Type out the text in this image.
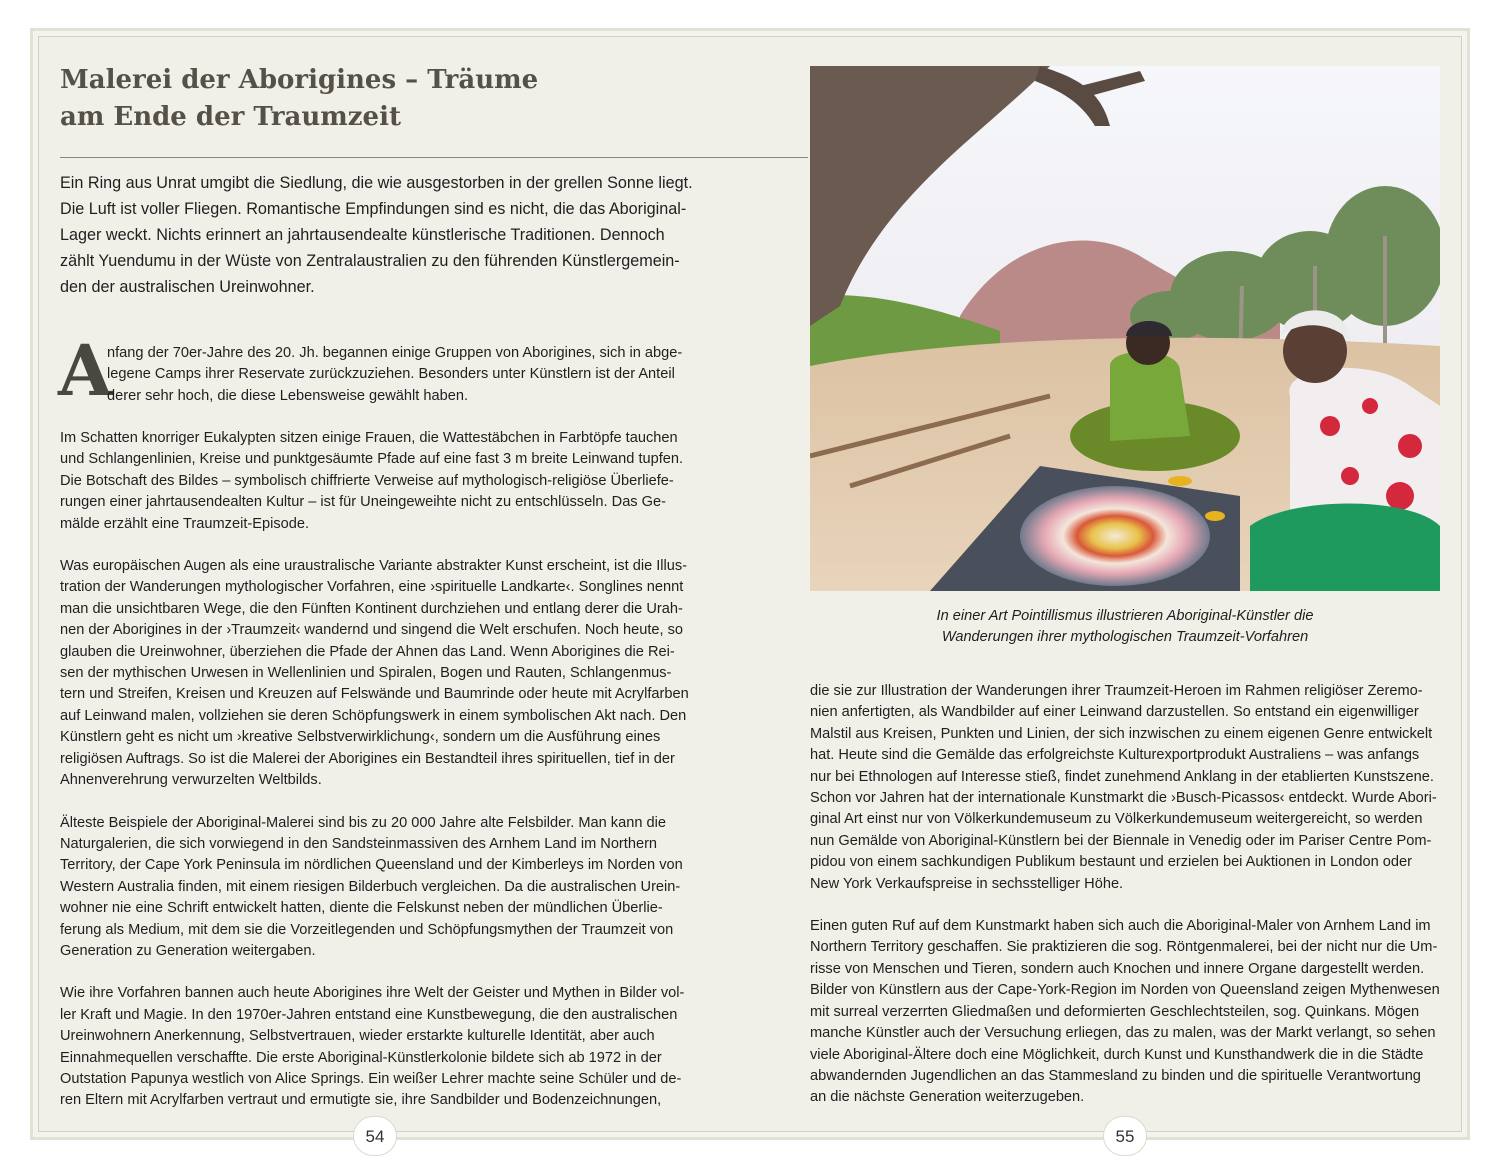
Malerei der Aborigines – Träume
am Ende der Traumzeit
Ein Ring aus Unrat umgibt die Siedlung, die wie ausgestorben in der grellen Sonne liegt.
Die Luft ist voller Fliegen. Romantische Empfindungen sind es nicht, die das Aboriginal-
Lager weckt. Nichts erinnert an jahrtausendealte künstlerische Traditionen. Dennoch
zählt Yuendumu in der Wüste von Zentralaustralien zu den führenden Künstlergemein-
den der australischen Ureinwohner.
A
nfang der 70er-Jahre des 20. Jh. begannen einige Gruppen von Aborigines, sich in abge-
legene Camps ihrer Reservate zurückzuziehen. Besonders unter Künstlern ist der Anteil
derer sehr hoch, die diese Lebensweise gewählt haben.
Im Schatten knorriger Eukalypten sitzen einige Frauen, die Wattestäbchen in Farbtöpfe tauchen
und Schlangenlinien, Kreise und punktgesäumte Pfade auf eine fast 3 m breite Leinwand tupfen.
Die Botschaft des Bildes – symbolisch chiffrierte Verweise auf mythologisch-religiöse Überliefe-
rungen einer jahrtausendealten Kultur – ist für Uneingeweihte nicht zu entschlüsseln. Das Ge-
mälde erzählt eine Traumzeit-Episode.
Was europäischen Augen als eine uraustralische Variante abstrakter Kunst erscheint, ist die Illus-
tration der Wanderungen mythologischer Vorfahren, eine ›spirituelle Landkarte‹. Songlines nennt
man die unsichtbaren Wege, die den Fünften Kontinent durchziehen und entlang derer die Urah-
nen der Aborigines in der ›Traumzeit‹ wandernd und singend die Welt erschufen. Noch heute, so
glauben die Ureinwohner, überziehen die Pfade der Ahnen das Land. Wenn Aborigines die Rei-
sen der mythischen Urwesen in Wellenlinien und Spiralen, Bogen und Rauten, Schlangenmus-
tern und Streifen, Kreisen und Kreuzen auf Felswände und Baumrinde oder heute mit Acrylfarben
auf Leinwand malen, vollziehen sie deren Schöpfungswerk in einem symbolischen Akt nach. Den
Künstlern geht es nicht um ›kreative Selbstverwirklichung‹, sondern um die Ausführung eines
religiösen Auftrags. So ist die Malerei der Aborigines ein Bestandteil ihres spirituellen, tief in der
Ahnenverehrung verwurzelten Weltbilds.
Älteste Beispiele der Aboriginal-Malerei sind bis zu 20 000 Jahre alte Felsbilder. Man kann die
Naturgalerien, die sich vorwiegend in den Sandsteinmassiven des Arnhem Land im Northern
Territory, der Cape York Peninsula im nördlichen Queensland und der Kimberleys im Norden von
Western Australia finden, mit einem riesigen Bilderbuch vergleichen. Da die australischen Urein-
wohner nie eine Schrift entwickelt hatten, diente die Felskunst neben der mündlichen Überlie-
ferung als Medium, mit dem sie die Vorzeitlegenden und Schöpfungsmythen der Traumzeit von
Generation zu Generation weitergaben.
Wie ihre Vorfahren bannen auch heute Aborigines ihre Welt der Geister und Mythen in Bilder vol-
ler Kraft und Magie. In den 1970er-Jahren entstand eine Kunstbewegung, die den australischen
Ureinwohnern Anerkennung, Selbstvertrauen, wieder erstarkte kulturelle Identität, aber auch
Einnahmequellen verschaffte. Die erste Aboriginal-Künstlerkolonie bildete sich ab 1972 in der
Outstation Papunya westlich von Alice Springs. Ein weißer Lehrer machte seine Schüler und de-
ren Eltern mit Acrylfarben vertraut und ermutigte sie, ihre Sandbilder und Bodenzeichnungen,
In einer Art Pointillismus illustrieren Aboriginal-Künstler die
Wanderungen ihrer mythologischen Traumzeit-Vorfahren
die sie zur Illustration der Wanderungen ihrer Traumzeit-Heroen im Rahmen religiöser Zeremo-
nien anfertigten, als Wandbilder auf einer Leinwand darzustellen. So entstand ein eigenwilliger
Malstil aus Kreisen, Punkten und Linien, der sich inzwischen zu einem eigenen Genre entwickelt
hat. Heute sind die Gemälde das erfolgreichste Kulturexportprodukt Australiens – was anfangs
nur bei Ethnologen auf Interesse stieß, findet zunehmend Anklang in der etablierten Kunstszene.
Schon vor Jahren hat der internationale Kunstmarkt die ›Busch-Picassos‹ entdeckt. Wurde Abori-
ginal Art einst nur von Völkerkundemuseum zu Völkerkundemuseum weitergereicht, so werden
nun Gemälde von Aboriginal-Künstlern bei der Biennale in Venedig oder im Pariser Centre Pom-
pidou von einem sachkundigen Publikum bestaunt und erzielen bei Auktionen in London oder
New York Verkaufspreise in sechsstelliger Höhe.
Einen guten Ruf auf dem Kunstmarkt haben sich auch die Aboriginal-Maler von Arnhem Land im
Northern Territory geschaffen. Sie praktizieren die sog. Röntgenmalerei, bei der nicht nur die Um-
risse von Menschen und Tieren, sondern auch Knochen und innere Organe dargestellt werden.
Bilder von Künstlern aus der Cape-York-Region im Norden von Queensland zeigen Mythenwesen
mit surreal verzerrten Gliedmaßen und deformierten Geschlechtsteilen, sog. Quinkans. Mögen
manche Künstler auch der Versuchung erliegen, das zu malen, was der Markt verlangt, so sehen
viele Aboriginal-Ältere doch eine Möglichkeit, durch Kunst und Kunsthandwerk die in die Städte
abwandernden Jugendlichen an das Stammesland zu binden und die spirituelle Verantwortung
an die nächste Generation weiterzugeben.
54	55
